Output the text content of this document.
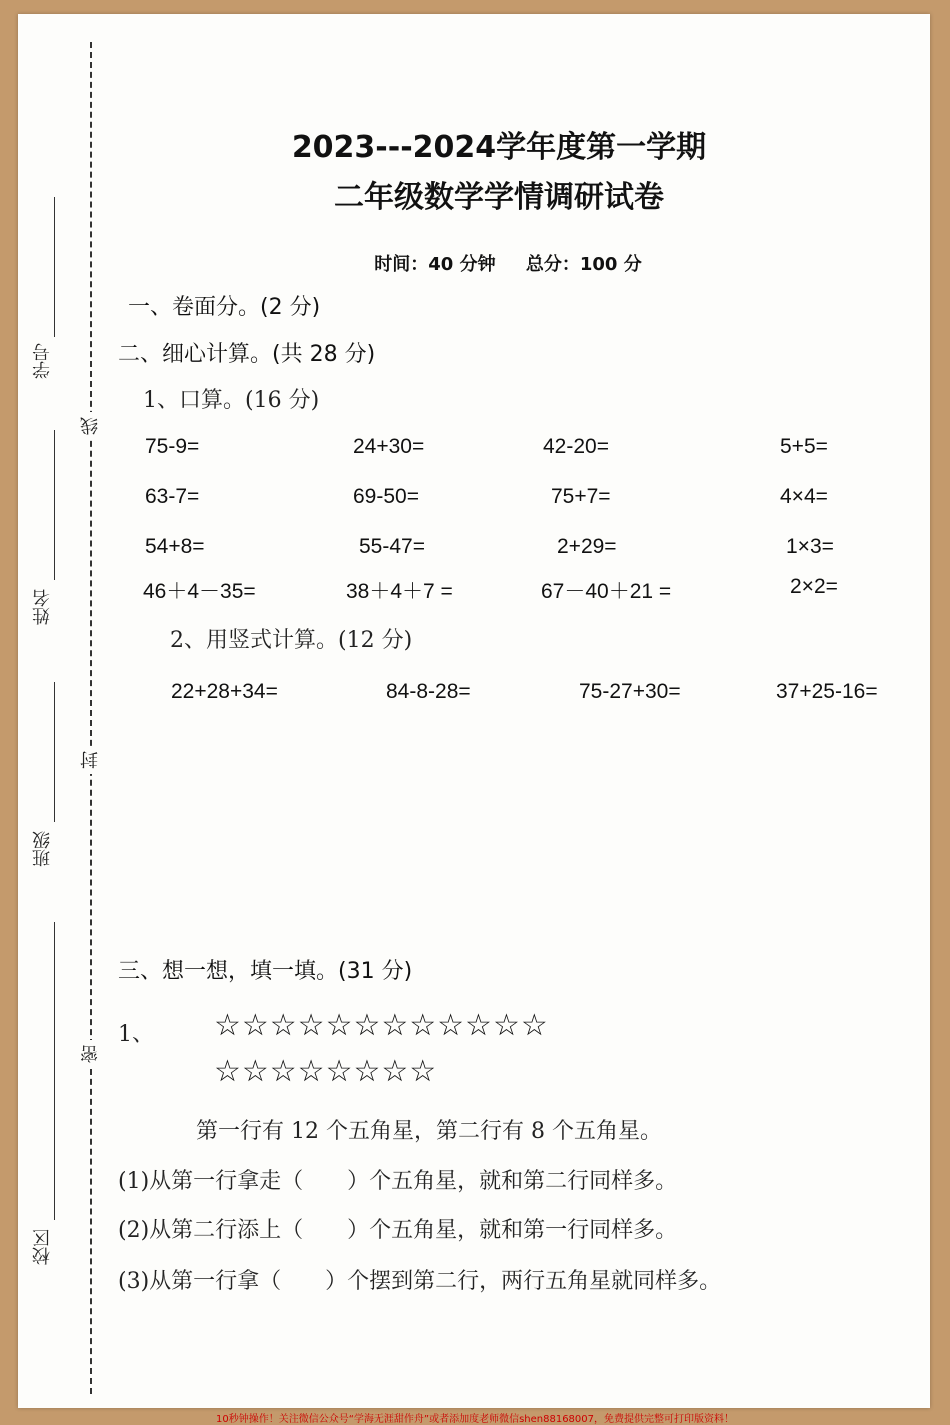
学号
姓名
班级
校区
线
封
密
2023---2024学年度第一学期
二年级数学学情调研试卷
时间：40 分钟 总分：100 分
一、卷面分。(2 分)
二、细心计算。(共 28 分)
1、口算。(16 分)
75-9=	24+30=	42-20=	5+5=
63-7=	69-50=	75+7=	4×4=
54+8=	55-47=	2+29=	1×3=
46＋4－35=	38＋4＋7 =	67－40＋21 =	2×2=
2、用竖式计算。(12 分)
22+28+34=	84-8-28=	75-27+30=	37+25-16=
三、想一想，填一填。(31 分)
1、 ☆☆☆☆☆☆☆☆☆☆☆☆
☆☆☆☆☆☆☆☆
第一行有 12 个五角星，第二行有 8 个五角星。
(1)从第一行拿走（　　）个五角星，就和第二行同样多。
(2)从第二行添上（　　）个五角星，就和第一行同样多。
(3)从第一行拿（　　）个摆到第二行，两行五角星就同样多。
10秒钟操作！关注微信公众号“学海无涯甜作舟”或者添加度老师微信shen88168007，免费提供完整可打印版资料！
